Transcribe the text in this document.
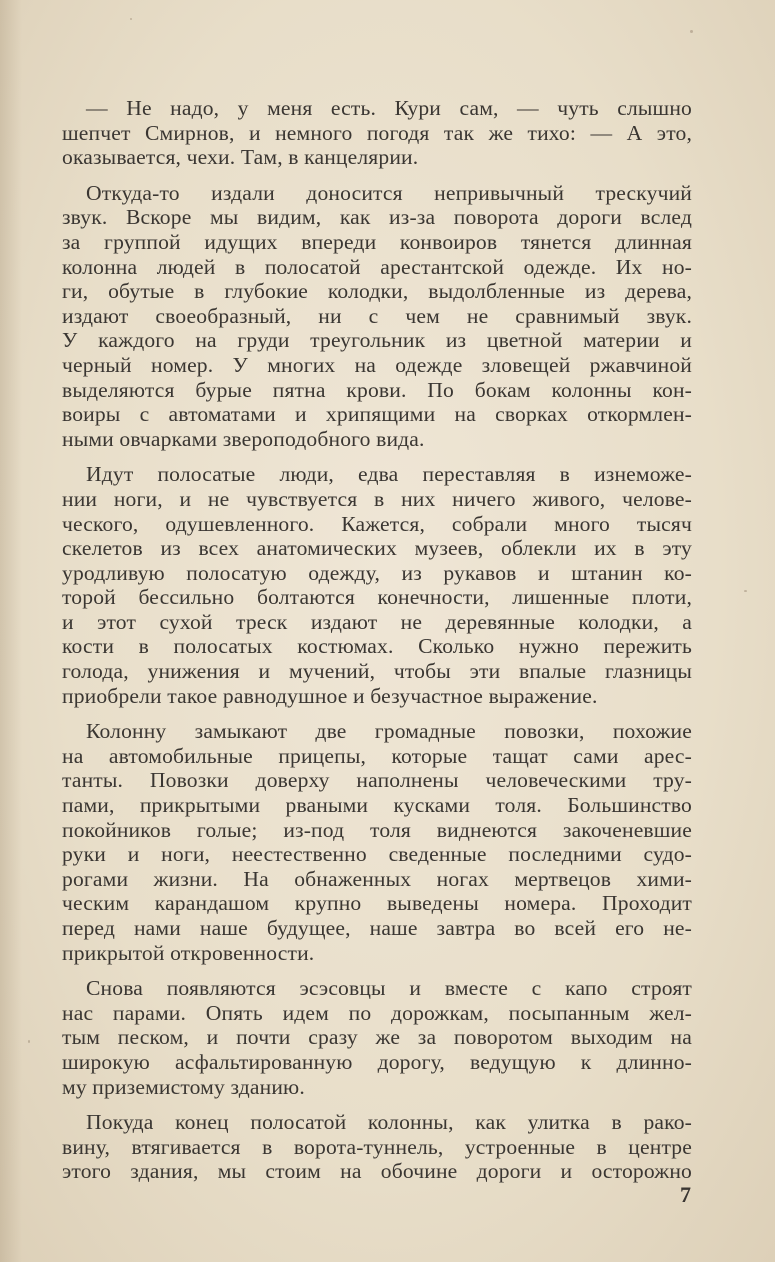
— Не надо, у меня есть. Кури сам, — чуть слышно
шепчет Смирнов, и немного погодя так же тихо: — А это,
оказывается, чехи. Там, в канцелярии.

Откуда-то издали доносится непривычный трескучий
звук. Вскоре мы видим, как из-за поворота дороги вслед
за группой идущих впереди конвоиров тянется длинная
колонна людей в полосатой арестантской одежде. Их но-
ги, обутые в глубокие колодки, выдолбленные из дерева,
издают своеобразный, ни с чем не сравнимый звук.
У каждого на груди треугольник из цветной материи и
черный номер. У многих на одежде зловещей ржавчиной
выделяются бурые пятна крови. По бокам колонны кон-
воиры с автоматами и хрипящими на сворках откормлен-
ными овчарками звероподобного вида.

Идут полосатые люди, едва переставляя в изнеможе-
нии ноги, и не чувствуется в них ничего живого, челове-
ческого, одушевленного. Кажется, собрали много тысяч
скелетов из всех анатомических музеев, облекли их в эту
уродливую полосатую одежду, из рукавов и штанин ко-
торой бессильно болтаются конечности, лишенные плоти,
и этот сухой треск издают не деревянные колодки, а
кости в полосатых костюмах. Сколько нужно пережить
голода, унижения и мучений, чтобы эти впалые глазницы
приобрели такое равнодушное и безучастное выражение.

Колонну замыкают две громадные повозки, похожие
на автомобильные прицепы, которые тащат сами арес-
танты. Повозки доверху наполнены человеческими тру-
пами, прикрытыми рваными кусками толя. Большинство
покойников голые; из-под толя виднеются закоченевшие
руки и ноги, неестественно сведенные последними судо-
рогами жизни. На обнаженных ногах мертвецов хими-
ческим карандашом крупно выведены номера. Проходит
перед нами наше будущее, наше завтра во всей его не-
прикрытой откровенности.

Снова появляются эсэсовцы и вместе с капо строят
нас парами. Опять идем по дорожкам, посыпанным жел-
тым песком, и почти сразу же за поворотом выходим на
широкую асфальтированную дорогу, ведущую к длинно-
му приземистому зданию.

Покуда конец полосатой колонны, как улитка в рако-
вину, втягивается в ворота-туннель, устроенные в центре
этого здания, мы стоим на обочине дороги и осторожно

7
